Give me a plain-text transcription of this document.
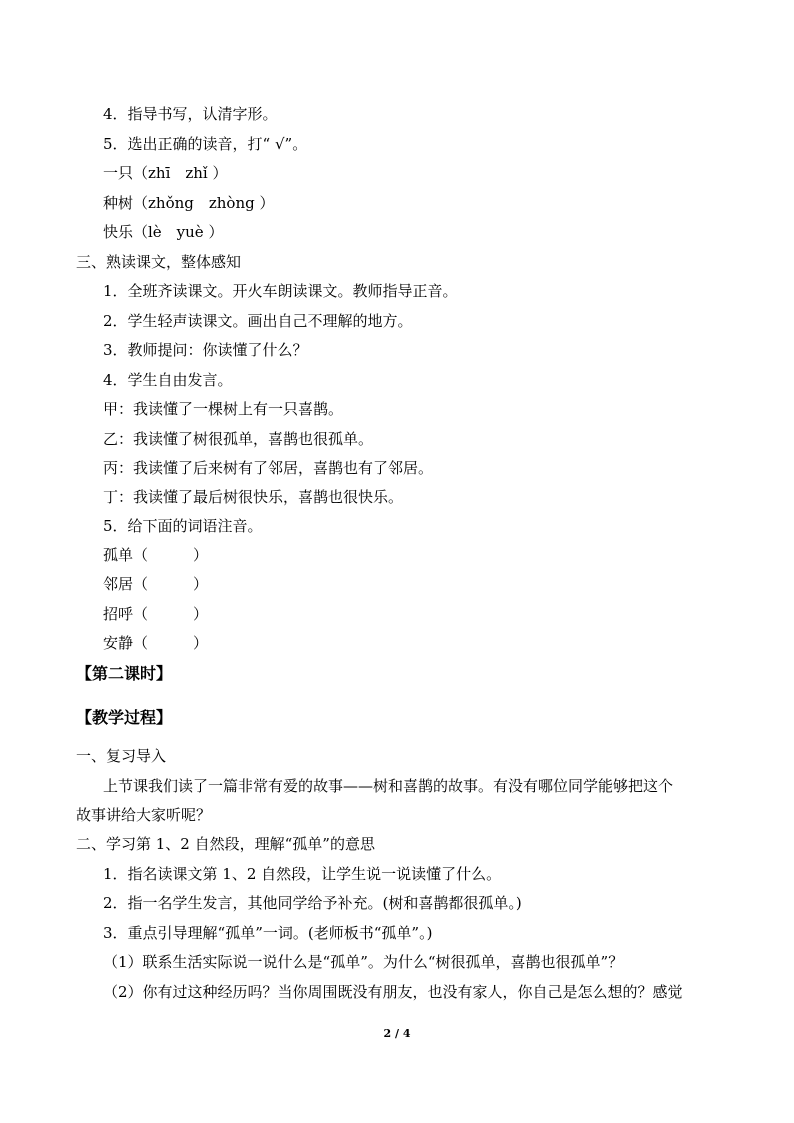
4．指导书写，认清字形。
5．选出正确的读音，打“ √”。
一只（zhī　zhǐ ）
种树（zhǒng　zhòng ）
快乐（lè　yuè ）
三、熟读课文，整体感知
1．全班齐读课文。开火车朗读课文。教师指导正音。
2．学生轻声读课文。画出自己不理解的地方。
3．教师提问：你读懂了什么？
4．学生自由发言。
甲：我读懂了一棵树上有一只喜鹊。
乙：我读懂了树很孤单，喜鹊也很孤单。
丙：我读懂了后来树有了邻居，喜鹊也有了邻居。
丁：我读懂了最后树很快乐，喜鹊也很快乐。
5．给下面的词语注音。
孤单（　　　）
邻居（　　　）
招呼（　　　）
安静（　　　）
【第二课时】
【教学过程】
一、复习导入
上节课我们读了一篇非常有爱的故事——树和喜鹊的故事。有没有哪位同学能够把这个
故事讲给大家听呢？
二、学习第 1、2 自然段，理解“孤单”的意思
1．指名读课文第 1、2 自然段，让学生说一说读懂了什么。
2．指一名学生发言，其他同学给予补充。(树和喜鹊都很孤单。)
3．重点引导理解“孤单”一词。(老师板书“孤单”。)
（1）联系生活实际说一说什么是“孤单”。为什么“树很孤单，喜鹊也很孤单”？
（2）你有过这种经历吗？当你周围既没有朋友，也没有家人，你自己是怎么想的？感觉
2 / 4
